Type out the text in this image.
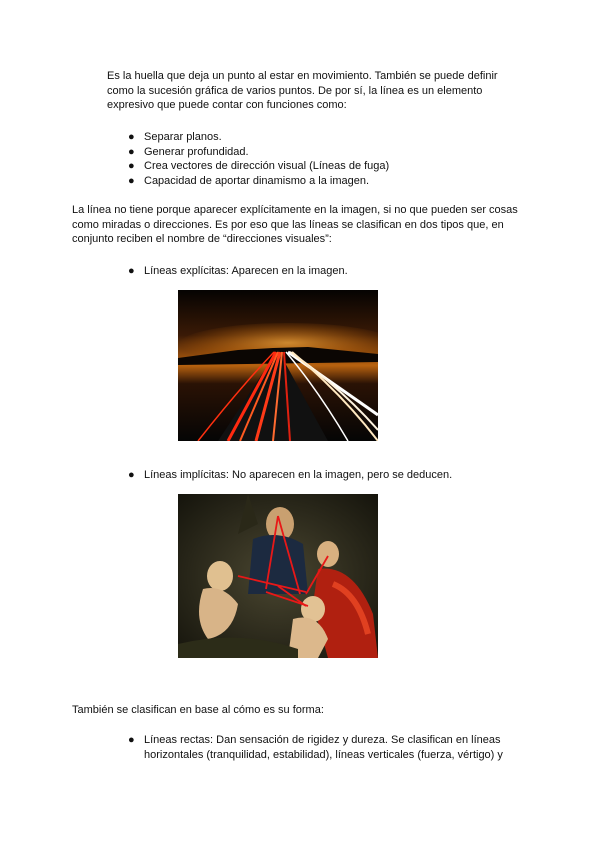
Es la huella que deja un punto al estar en movimiento. También se puede definir
como la sucesión gráfica de varios puntos. De por sí, la línea es un elemento
expresivo que puede contar con funciones como:

● Separar planos.
● Generar profundidad.
● Crea vectores de dirección visual (Líneas de fuga)
● Capacidad de aportar dinamismo a la imagen.

La línea no tiene porque aparecer explícitamente en la imagen, si no que pueden ser cosas
como miradas o direcciones. Es por eso que las líneas se clasifican en dos tipos que, en
conjunto reciben el nombre de “direcciones visuales”:

● Líneas explícitas: Aparecen en la imagen.
● Líneas implícitas: No aparecen en la imagen, pero se deducen.

También se clasifican en base al cómo es su forma:

● Líneas rectas: Dan sensación de rigidez y dureza. Se clasifican en líneas
horizontales (tranquilidad, estabilidad), líneas verticales (fuerza, vértigo) y
